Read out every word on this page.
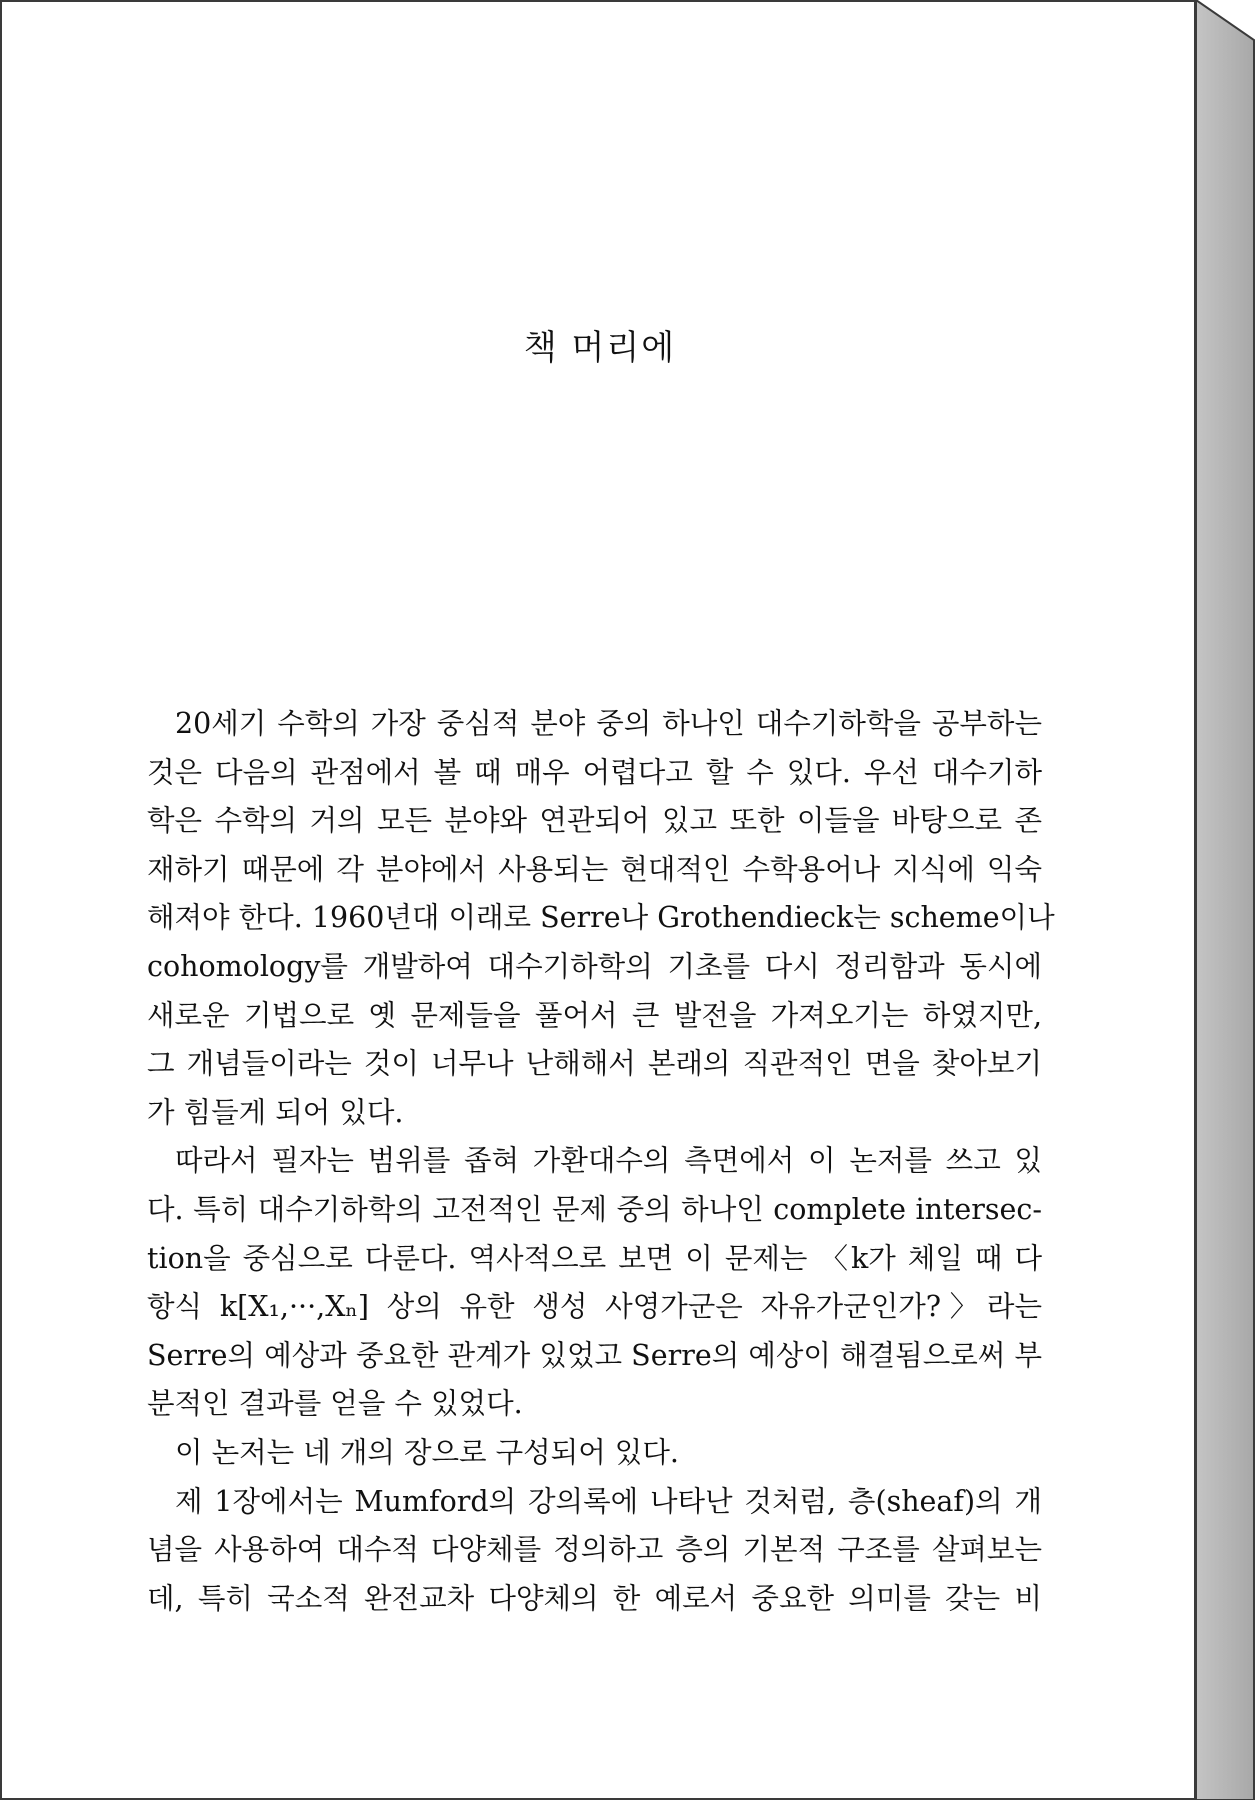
책 머리에
20세기 수학의 가장 중심적 분야 중의 하나인 대수기하학을 공부하는
것은 다음의 관점에서 볼 때 매우 어렵다고 할 수 있다. 우선 대수기하
학은 수학의 거의 모든 분야와 연관되어 있고 또한 이들을 바탕으로 존
재하기 때문에 각 분야에서 사용되는 현대적인 수학용어나 지식에 익숙
해져야 한다. 1960년대 이래로 Serre나 Grothendieck는 scheme이나
cohomology를 개발하여 대수기하학의 기초를 다시 정리함과 동시에
새로운 기법으로 옛 문제들을 풀어서 큰 발전을 가져오기는 하였지만,
그 개념들이라는 것이 너무나 난해해서 본래의 직관적인 면을 찾아보기
가 힘들게 되어 있다.
따라서 필자는 범위를 좁혀 가환대수의 측면에서 이 논저를 쓰고 있
다. 특히 대수기하학의 고전적인 문제 중의 하나인 complete intersec-
tion을 중심으로 다룬다. 역사적으로 보면 이 문제는 〈k가 체일 때 다
항식 k[X₁,···,Xₙ] 상의 유한 생성 사영가군은 자유가군인가?〉라는
Serre의 예상과 중요한 관계가 있었고 Serre의 예상이 해결됨으로써 부
분적인 결과를 얻을 수 있었다.
이 논저는 네 개의 장으로 구성되어 있다.
제 1장에서는 Mumford의 강의록에 나타난 것처럼, 층(sheaf)의 개
념을 사용하여 대수적 다양체를 정의하고 층의 기본적 구조를 살펴보는
데, 특히 국소적 완전교차 다양체의 한 예로서 중요한 의미를 갖는 비
